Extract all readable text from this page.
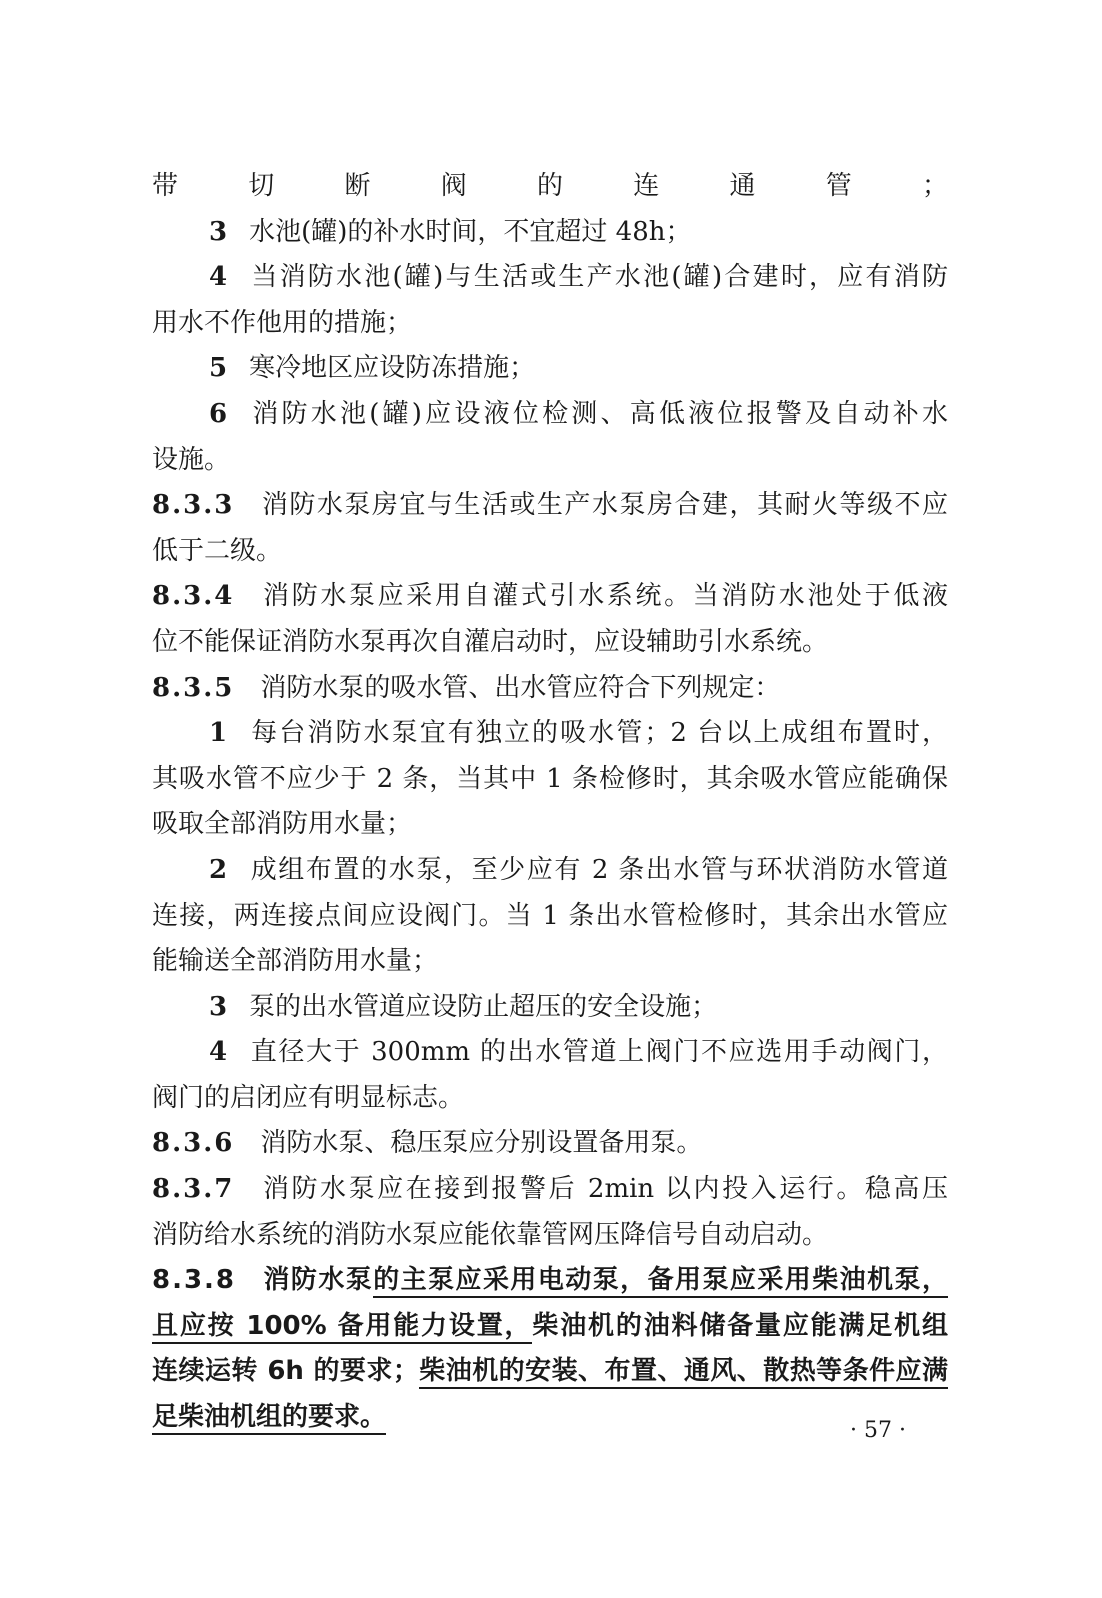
带切断阀的连通管；
3 水池(罐)的补水时间，不宜超过 48h；
4 当消防水池(罐)与生活或生产水池(罐)合建时，应有消防
用水不作他用的措施；
5 寒冷地区应设防冻措施；
6 消防水池(罐)应设液位检测、高低液位报警及自动补水
设施。
8.3.3 消防水泵房宜与生活或生产水泵房合建，其耐火等级不应
低于二级。
8.3.4 消防水泵应采用自灌式引水系统。当消防水池处于低液
位不能保证消防水泵再次自灌启动时，应设辅助引水系统。
8.3.5 消防水泵的吸水管、出水管应符合下列规定：
1 每台消防水泵宜有独立的吸水管；2 台以上成组布置时，
其吸水管不应少于 2 条，当其中 1 条检修时，其余吸水管应能确保
吸取全部消防用水量；
2 成组布置的水泵，至少应有 2 条出水管与环状消防水管道
连接，两连接点间应设阀门。当 1 条出水管检修时，其余出水管应
能输送全部消防用水量；
3 泵的出水管道应设防止超压的安全设施；
4 直径大于 300mm 的出水管道上阀门不应选用手动阀门，
阀门的启闭应有明显标志。
8.3.6 消防水泵、稳压泵应分别设置备用泵。
8.3.7 消防水泵应在接到报警后 2min 以内投入运行。稳高压
消防给水系统的消防水泵应能依靠管网压降信号自动启动。
8.3.8 消防水泵的主泵应采用电动泵，备用泵应采用柴油机泵，
且应按 100% 备用能力设置，柴油机的油料储备量应能满足机组
连续运转 6h 的要求；柴油机的安装、布置、通风、散热等条件应满
足柴油机组的要求。	· 57 ·
